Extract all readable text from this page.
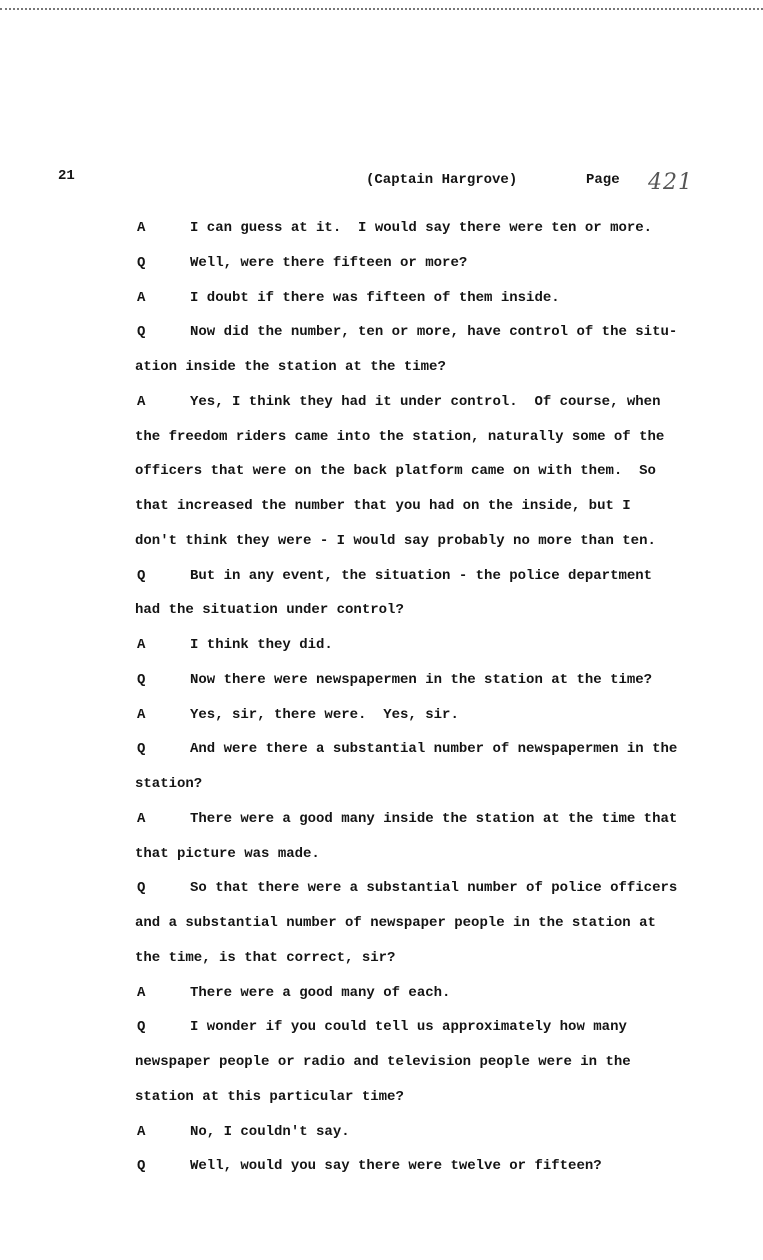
21	(Captain Hargrove)	Page 421
A	I can guess at it.  I would say there were ten or more.
Q	Well, were there fifteen or more?
A	I doubt if there was fifteen of them inside.
Q	Now did the number, ten or more, have control of the situ-
ation inside the station at the time?
A	Yes, I think they had it under control.  Of course, when
the freedom riders came into the station, naturally some of the
officers that were on the back platform came on with them.  So
that increased the number that you had on the inside, but I
don't think they were - I would say probably no more than ten.
Q	But in any event, the situation - the police department
had the situation under control?
A	I think they did.
Q	Now there were newspapermen in the station at the time?
A	Yes, sir, there were.  Yes, sir.
Q	And were there a substantial number of newspapermen in the
station?
A	There were a good many inside the station at the time that
that picture was made.
Q	So that there were a substantial number of police officers
and a substantial number of newspaper people in the station at
the time, is that correct, sir?
A	There were a good many of each.
Q	I wonder if you could tell us approximately how many
newspaper people or radio and television people were in the
station at this particular time?
A	No, I couldn't say.
Q	Well, would you say there were twelve or fifteen?
